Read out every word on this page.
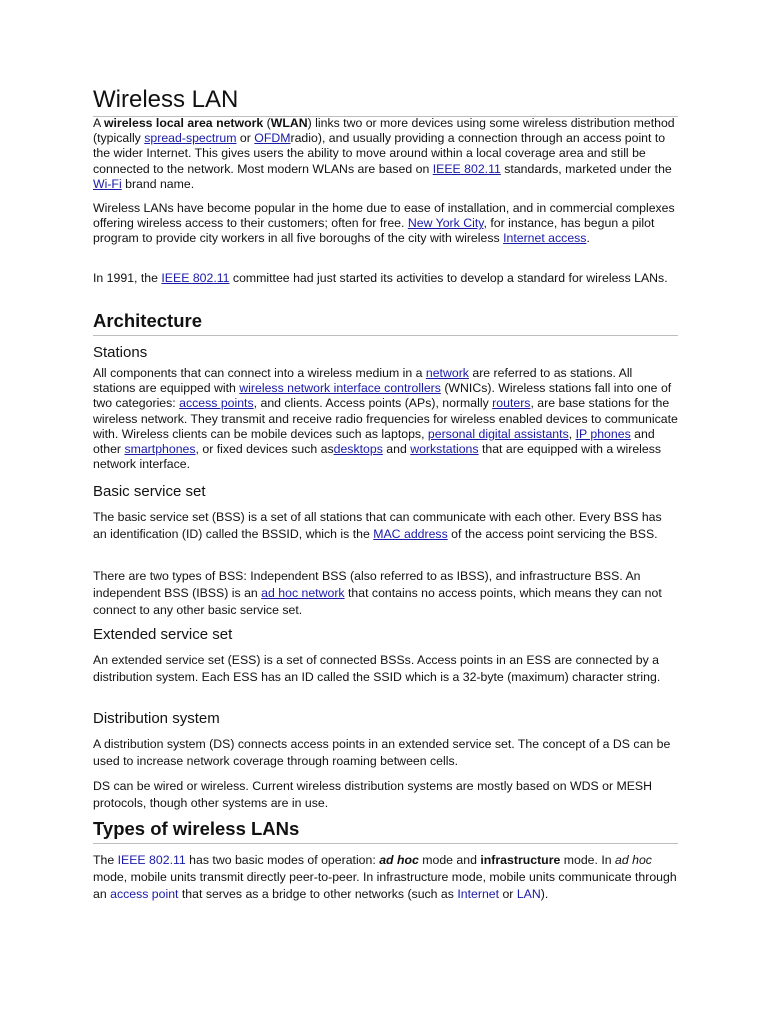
Wireless LAN

A wireless local area network (WLAN) links two or more devices using some wireless distribution method (typically spread-spectrum or OFDMradio), and usually providing a connection through an access point to the wider Internet. This gives users the ability to move around within a local coverage area and still be connected to the network. Most modern WLANs are based on IEEE 802.11 standards, marketed under the Wi-Fi brand name.

Wireless LANs have become popular in the home due to ease of installation, and in commercial complexes offering wireless access to their customers; often for free. New York City, for instance, has begun a pilot program to provide city workers in all five boroughs of the city with wireless Internet access.

In 1991, the IEEE 802.11 committee had just started its activities to develop a standard for wireless LANs.

Architecture
Stations

All components that can connect into a wireless medium in a network are referred to as stations. All stations are equipped with wireless network interface controllers (WNICs). Wireless stations fall into one of two categories: access points, and clients. Access points (APs), normally routers, are base stations for the wireless network. They transmit and receive radio frequencies for wireless enabled devices to communicate with. Wireless clients can be mobile devices such as laptops, personal digital assistants, IP phones and other smartphones, or fixed devices such asdesktops and workstations that are equipped with a wireless network interface.

Basic service set

The basic service set (BSS) is a set of all stations that can communicate with each other. Every BSS has an identification (ID) called the BSSID, which is the MAC address of the access point servicing the BSS.

There are two types of BSS: Independent BSS (also referred to as IBSS), and infrastructure BSS. An independent BSS (IBSS) is an ad hoc network that contains no access points, which means they can not connect to any other basic service set.

Extended service set

An extended service set (ESS) is a set of connected BSSs. Access points in an ESS are connected by a distribution system. Each ESS has an ID called the SSID which is a 32-byte (maximum) character string.

Distribution system

A distribution system (DS) connects access points in an extended service set. The concept of a DS can be used to increase network coverage through roaming between cells.

DS can be wired or wireless. Current wireless distribution systems are mostly based on WDS or MESH protocols, though other systems are in use.

Types of wireless LANs

The IEEE 802.11 has two basic modes of operation: ad hoc mode and infrastructure mode. In ad hoc mode, mobile units transmit directly peer-to-peer. In infrastructure mode, mobile units communicate through an access point that serves as a bridge to other networks (such as Internet or LAN).
